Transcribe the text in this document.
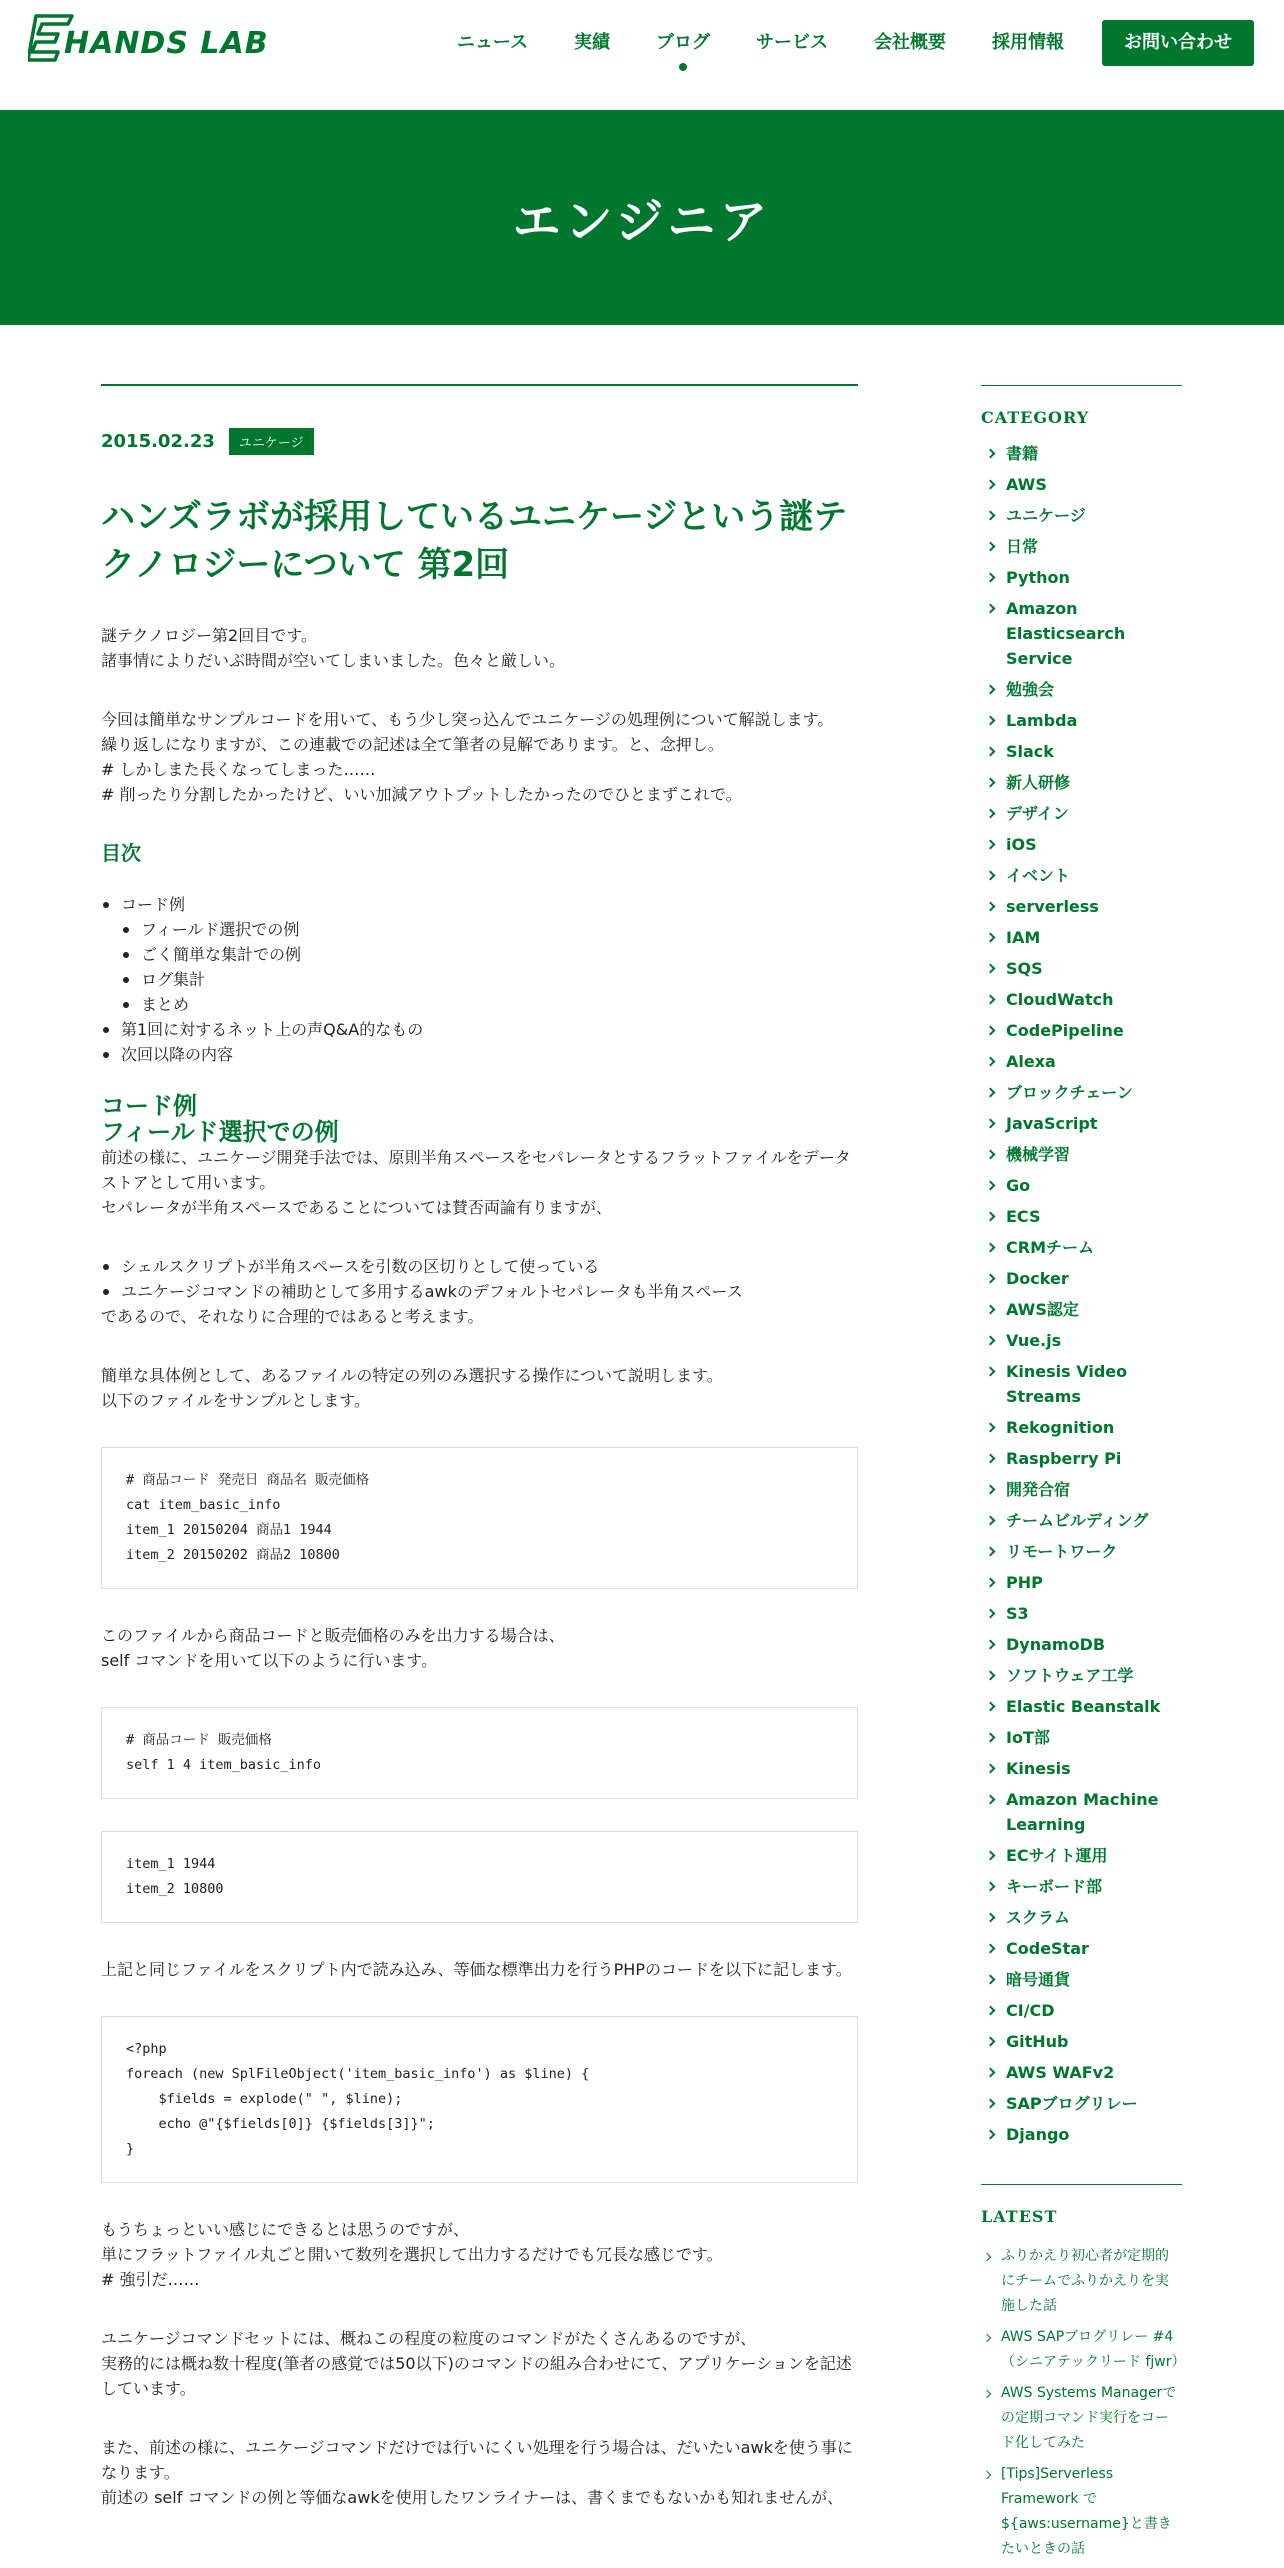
HANDS LAB	ニュース	実績	ブログ	サービス	会社概要	採用情報	お問い合わせ
エンジニア
2015.02.23	ユニケージ
ハンズラボが採用しているユニケージという謎テクノロジーについて 第2回

謎テクノロジー第2回目です。
諸事情によりだいぶ時間が空いてしまいました。色々と厳しい。

今回は簡単なサンプルコードを用いて、もう少し突っ込んでユニケージの処理例について解説します。
繰り返しになりますが、この連載での記述は全て筆者の見解であります。と、念押し。
# しかしまた長くなってしまった……
# 削ったり分割したかったけど、いい加減アウトプットしたかったのでひとまずこれで。

目次
コード例
フィールド選択での例
ごく簡単な集計での例
ログ集計
まとめ
第1回に対するネット上の声Q&A的なもの
次回以降の内容
コード例
フィールド選択での例

前述の様に、ユニケージ開発手法では、原則半角スペースをセパレータとするフラットファイルをデータストアとして用います。
セパレータが半角スペースであることについては賛否両論有りますが、

シェルスクリプトが半角スペースを引数の区切りとして使っている
ユニケージコマンドの補助として多用するawkのデフォルトセパレータも半角スペース

であるので、それなりに合理的ではあると考えます。

簡単な具体例として、あるファイルの特定の列のみ選択する操作について説明します。
以下のファイルをサンプルとします。

# 商品コード 発売日 商品名 販売価格
cat item_basic_info
item_1 20150204 商品1 1944
item_2 20150202 商品2 10800

このファイルから商品コードと販売価格のみを出力する場合は、
self コマンドを用いて以下のように行います。

# 商品コード 販売価格
self 1 4 item_basic_info
item_1 1944
item_2 10800

上記と同じファイルをスクリプト内で読み込み、等価な標準出力を行うPHPのコードを以下に記します。

<?php
foreach (new SplFileObject('item_basic_info') as $line) {
$fields = explode(" ", $line);
echo @"{$fields[0]} {$fields[3]}";
}

もうちょっといい感じにできるとは思うのですが、
単にフラットファイル丸ごと開いて数列を選択して出力するだけでも冗長な感じです。
# 強引だ……

ユニケージコマンドセットには、概ねこの程度の粒度のコマンドがたくさんあるのですが、
実務的には概ね数十程度(筆者の感覚では50以下)のコマンドの組み合わせにて、アプリケーションを記述しています。

また、前述の様に、ユニケージコマンドだけでは行いにくい処理を行う場合は、だいたいawkを使う事になります。
前述の self コマンドの例と等価なawkを使用したワンライナーは、書くまでもないかも知れませんが、

CATEGORY
書籍
AWS
ユニケージ
日常
Python
Amazon Elasticsearch Service
勉強会
Lambda
Slack
新人研修
デザイン
iOS
イベント
serverless
IAM
SQS
CloudWatch
CodePipeline
Alexa
ブロックチェーン
JavaScript
機械学習
Go
ECS
CRMチーム
Docker
AWS認定
Vue.js
Kinesis Video Streams
Rekognition
Raspberry Pi
開発合宿
チームビルディング
リモートワーク
PHP
S3
DynamoDB
ソフトウェア工学
Elastic Beanstalk
IoT部
Kinesis
Amazon Machine Learning
ECサイト運用
キーボード部
スクラム
CodeStar
暗号通貨
CI/CD
GitHub
AWS WAFv2
SAPブログリレー
Django
LATEST
ふりかえり初心者が定期的にチームでふりかえりを実施した話
AWS SAPブログリレー #4（シニアテックリード fjwr）
AWS Systems Managerでの定期コマンド実行をコード化してみた
[Tips]Serverless Framework で${aws:username}と書きたいときの話
